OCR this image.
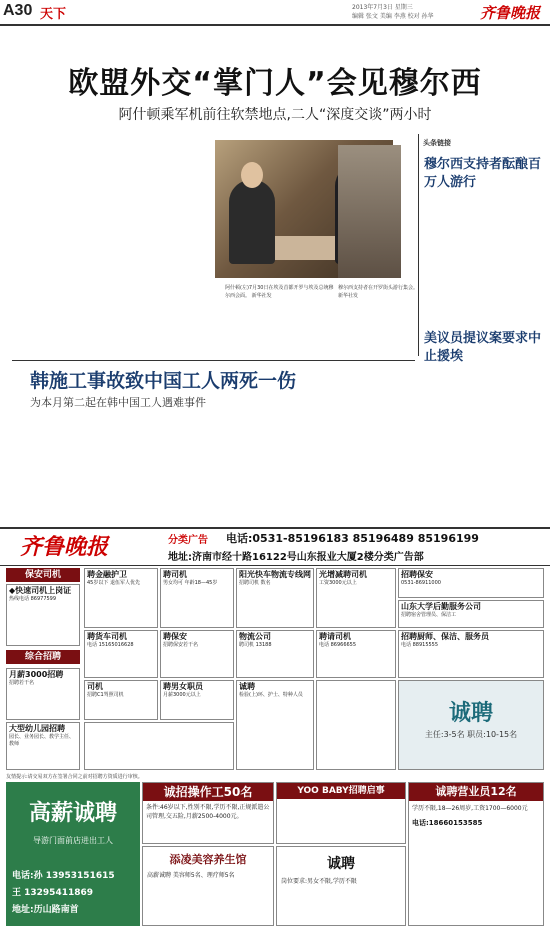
A30 天下	2013年7月3日 星期三
编辑 张文 美编 李燕 校对 孙华	齐鲁晚报
欧盟外交“掌门人”会见穆尔西
阿什顿乘军机前往软禁地点,二人“深度交谈”两小时
阿什顿(左)7月30日在埃及首都开罗与埃及总统穆尔西会面。 新华社发
穆尔西支持者在开罗街头游行集会。 新华社发
头条链接
穆尔西支持者酝酿百万人游行
美议员提议案要求中止援埃
韩施工事故致中国工人两死一伤
为本月第二起在韩中国工人遇难事件
齐鲁晚报	分类广告 电话:0531-85196183 85196489 85196199
地址:济南市经十路16122号山东报业大厦2楼分类广告部
保安司机
综合招聘
◆快速司机上岗证
热线电话 86977599
聘金融护卫
45岁以下 退伍军人优先
聘司机
男女均可 年龄18—45岁
阳光快车物流专线网
招聘司机 数名
光增减聘司机
工资3000元以上
招聘保安
0531-86911000
山东大学后勤服务公司
招聘宿舍管理员、保洁工
聘货车司机
电话 15165016628
聘保安
招聘保安若干名
物流公司
聘司机 13188
聘请司机
电话 86966655
招聘厨师、保洁、服务员
电话 88915555
司机
招聘C1驾照司机
月薪3000招聘
招聘若干名	聘男女职员
月薪3000元以上
大型幼儿园招聘
园长、业务园长、教学主任、教师
诚聘
检验(上)环、护士、特种人员
诚聘
主任:3-5名 职员:10-15名
友情提示:请交易双方在签署合同之前对招聘方资质进行审核。
高薪诚聘
导游门面前店进出工人
电话:孙 13953151615
王 13295411869
地址:历山路南首
诚招操作工50名
条件:46岁以下,性别不限,学历不限,正规派遣公司管理,交五险,月薪2500-4000元。
添凌美容养生馆
高薪诚聘 美容师5名、理疗师5名
YOO BABY招聘启事
诚聘
岗位要求:男女不限,学历不限
诚聘营业员12名
学历不限,18—26周岁,工资1700—6000元
电话:18660153585
